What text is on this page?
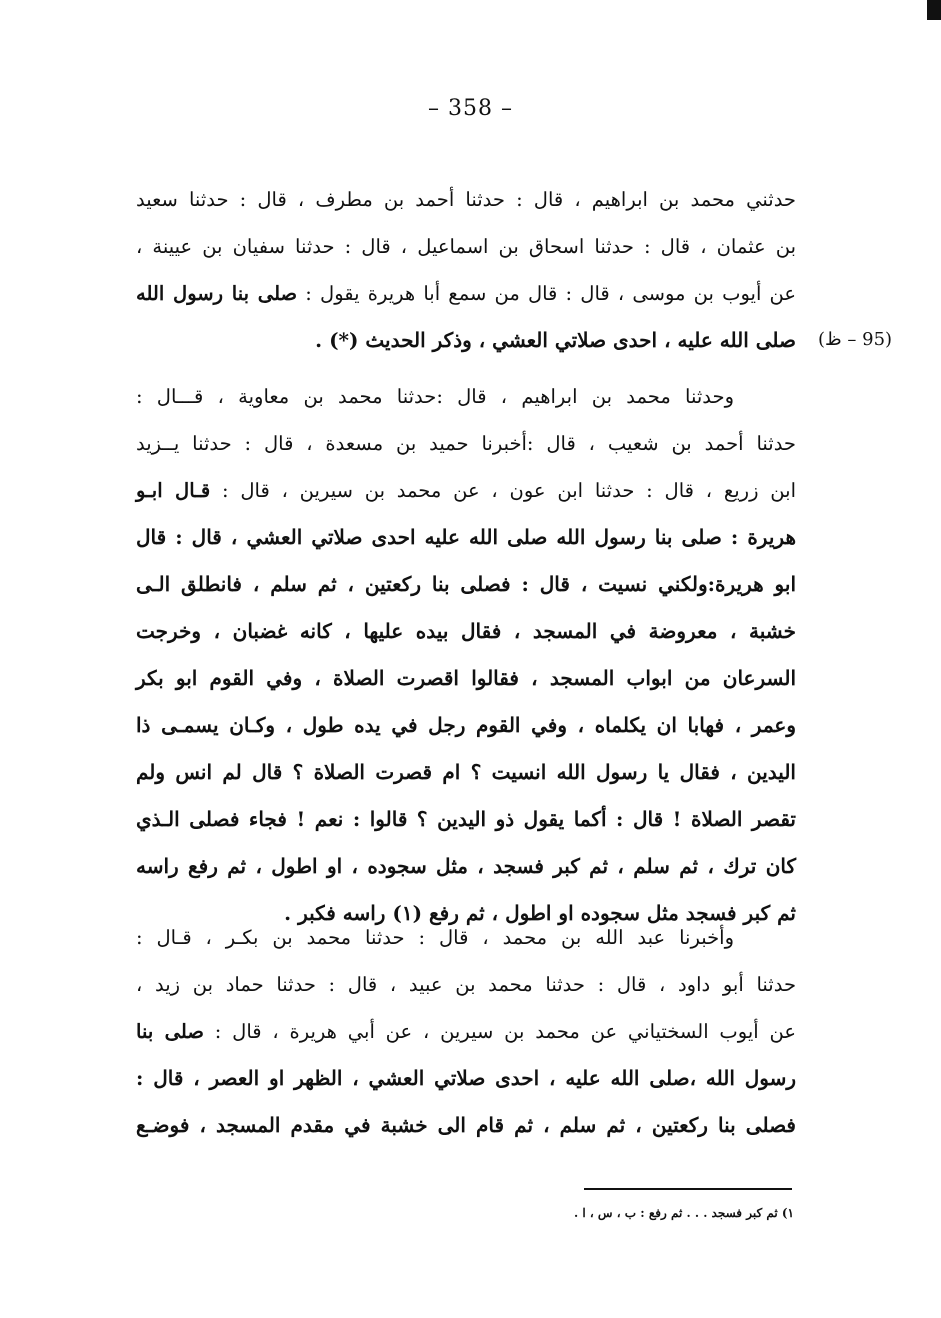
– 358 –
(95 – ظ)
حدثني محمد بن ابراهيم ، قال : حدثنا أحمد بن مطرف ، قال : حدثنا سعيد
بن عثمان ، قال : حدثنا اسحاق بن اسماعيل ، قال : حدثنا سفيان بن عيينة ،
عن أيوب بن موسى ، قال : قال من سمع أبا هريرة يقول : صلى بنا رسول الله
صلى الله عليه ، احدى صلاتي العشي ، وذكر الحديث (*) .
وحدثنا محمد بن ابراهيم ، قال :حدثنا محمد بن معاوية ، قـــال :
حدثنا أحمد بن شعيب ، قال :أخبرنا حميد بن مسعدة ، قال : حدثنا يــزيد
ابن زريع ، قال : حدثنا ابن عون ، عن محمد بن سيرين ، قال : قـال ابـو
هريرة : صلى بنا رسول الله صلى الله عليه احدى صلاتي العشي ، قال : قال
ابو هريرة:ولكني نسيت ، قال : فصلى بنا ركعتين ، ثم سلم ، فانطلق الـى
خشبة ، معروضة في المسجد ، فقال بيده عليها ، كانه غضبان ، وخرجت
السرعان من ابواب المسجد ، فقالوا اقصرت الصلاة ، وفي القوم ابو بكر
وعمر ، فهابا ان يكلماه ، وفي القوم رجل في يده طول ، وكـان يسمـى ذا
اليدين ، فقال يا رسول الله انسيت ؟ ام قصرت الصلاة ؟ قال لم انس ولم
تقصر الصلاة ! قال : أكما يقول ذو اليدين ؟ قالوا : نعم ! فجاء فصلى الـذي
كان ترك ، ثم سلم ، ثم كبر فسجد ، مثل سجوده ، او اطول ، ثم رفع راسه
ثم كبر فسجد مثل سجوده او اطول ، ثم رفع (١) راسه فكبر .
وأخبرنا عبد الله بن محمد ، قال : حدثنا محمد بن بكـر ، قـال :
حدثنا أبو داود ، قال : حدثنا محمد بن عبيد ، قال : حدثنا حماد بن زيد ،
عن أيوب السختياني عن محمد بن سيرين ، عن أبي هريرة ، قال : صلى بنا
رسول الله ،صلى الله عليه ، احدى صلاتي العشي ، الظهر او العصر ، قال :
فصلى بنا ركعتين ، ثم سلم ، ثم قام الى خشبة في مقدم المسجد ، فوضـع
١) ثم كبر فسجد . . . ثم رفع : ب ، س ، ا .
